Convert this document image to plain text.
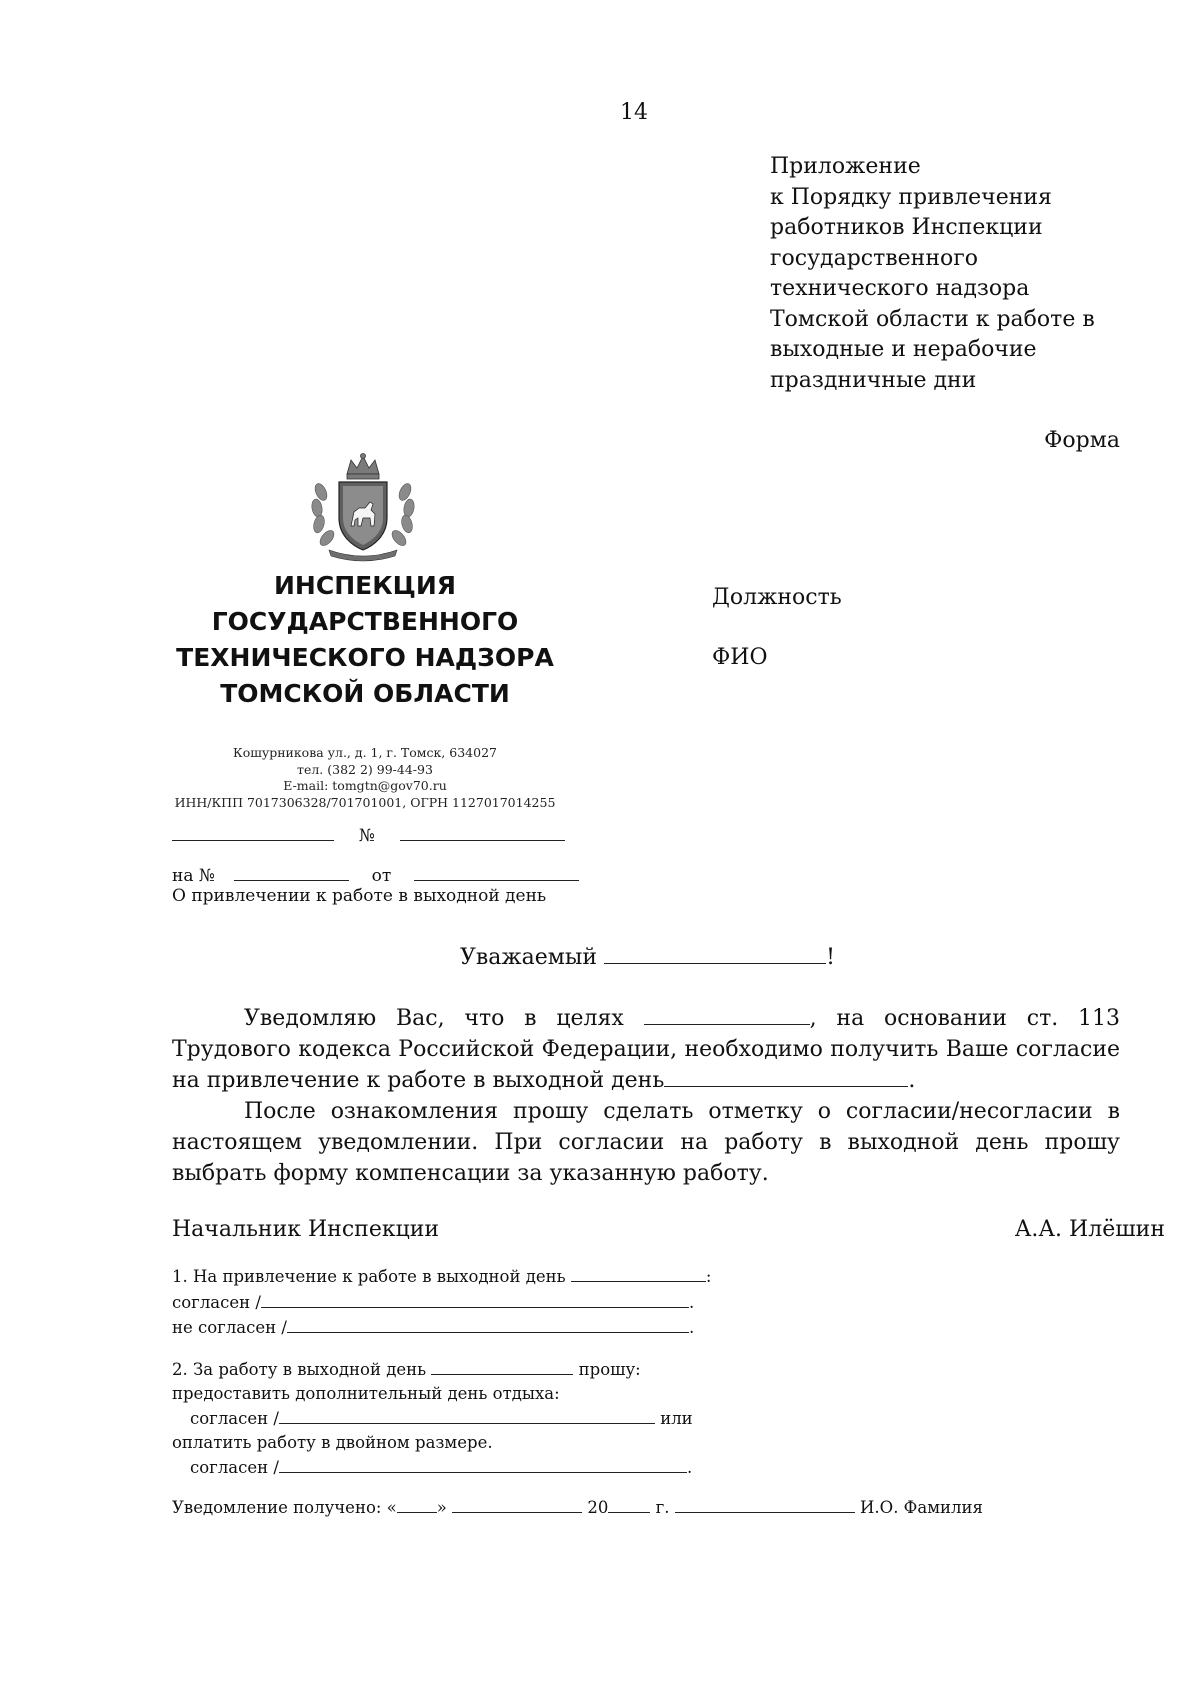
14
Приложение
к Порядку привлечения
работников Инспекции
государственного
технического надзора
Томской области к работе в
выходные и нерабочие
праздничные дни
Форма
ИНСПЕКЦИЯ ГОСУДАРСТВЕННОГО ТЕХНИЧЕСКОГО НАДЗОРА ТОМСКОЙ ОБЛАСТИ
Кошурникова ул., д. 1, г. Томск, 634027
тел. (382 2) 99-44-93
E-mail: tomgtn@gov70.ru
ИНН/КПП 7017306328/701701001, ОГРН 1127017014255
Должность
ФИО
№
на №	от
О привлечении к работе в выходной день
Уважаемый	!

Уведомляю Вас, что в целях	, на основании ст. 113 Трудового кодекса Российской Федерации, необходимо получить Ваше согласие на привлечение к работе в выходной день	.

После ознакомления прошу сделать отметку о согласии/несогласии в настоящем уведомлении. При согласии на работу в выходной день прошу выбрать форму компенсации за указанную работу.

Начальник Инспекции	А.А. Илёшин
1. На привлечение к работе в выходной день	:
согласен /	.
не согласен /	.
2. За работу в выходной день	прошу:
предоставить дополнительный день отдыха:
согласен /	или
оплатить работу в двойном размере.
согласен /	.
Уведомление получено: « »	20	г.	И.О. Фамилия
